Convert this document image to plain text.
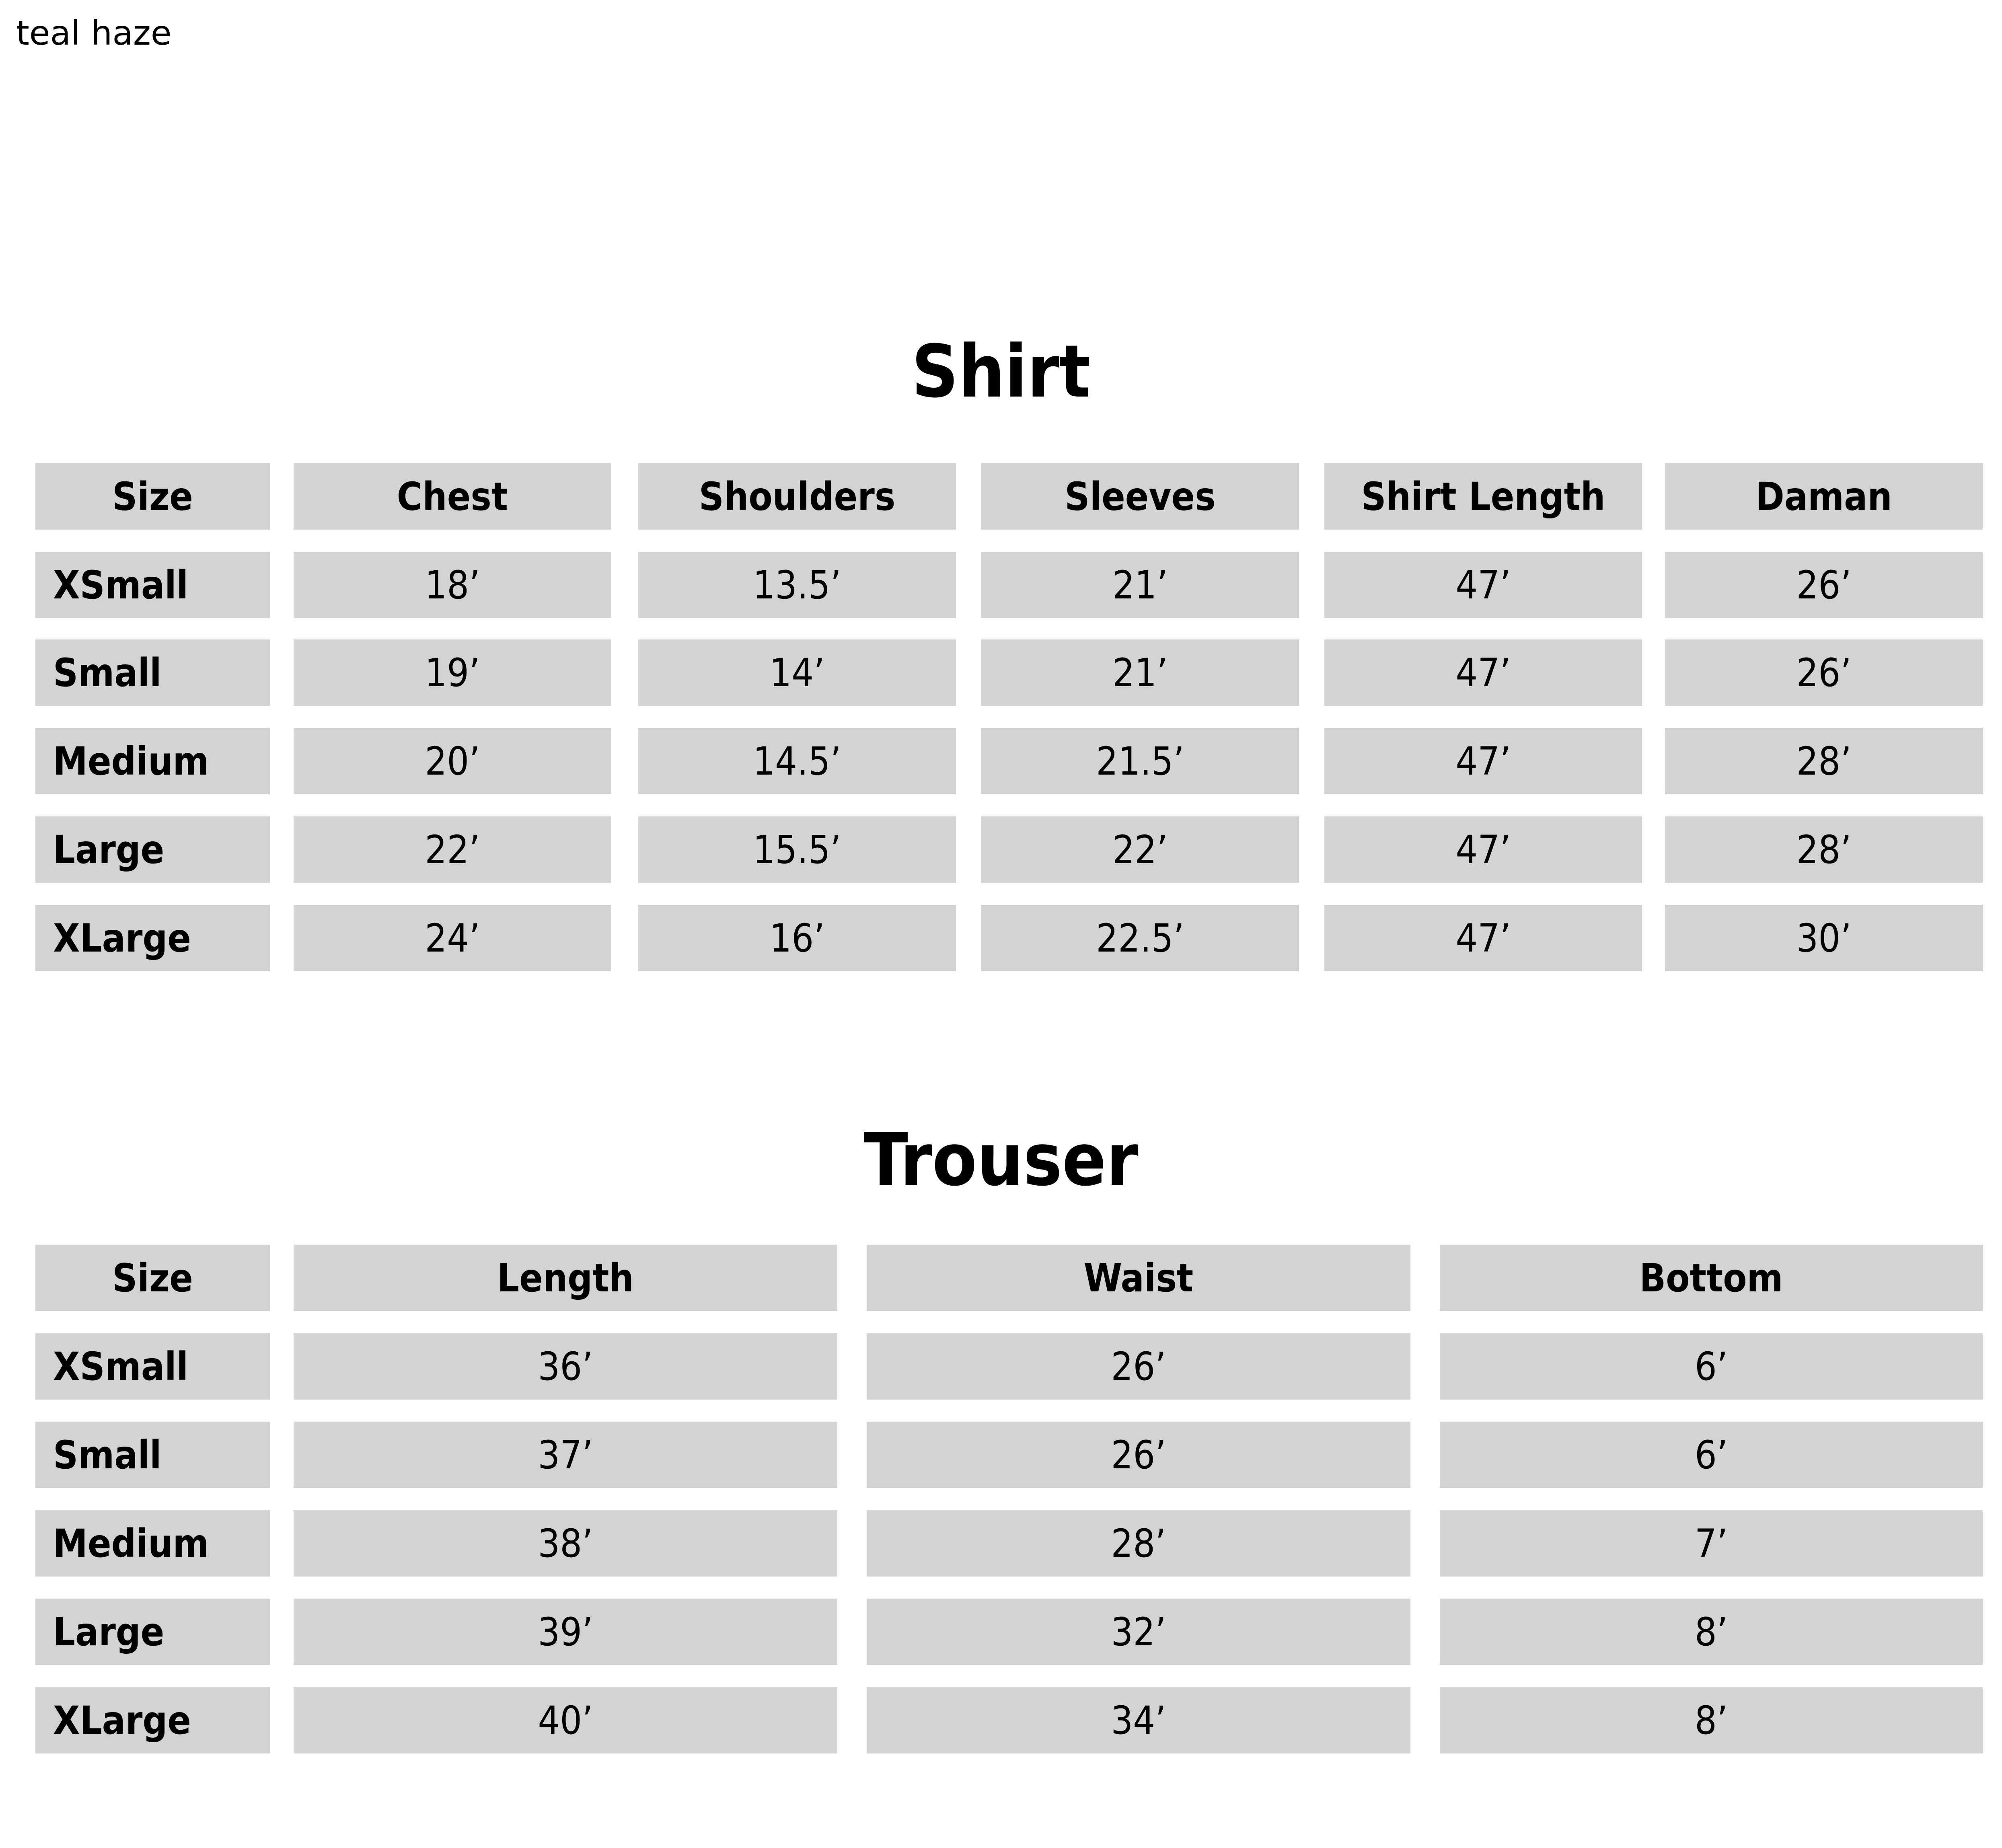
teal haze
Shirt
Size	Chest	Shoulders	Sleeves	Shirt Length	Daman
XSmall	18’	13.5’	21’	47’	26’
Small	19’	14’	21’	47’	26’
Medium	20’	14.5’	21.5’	47’	28’
Large	22’	15.5’	22’	47’	28’
XLarge	24’	16’	22.5’	47’	30’
Trouser
Size	Length	Waist	Bottom
XSmall	36’	26’	6’
Small	37’	26’	6’
Medium	38’	28’	7’
Large	39’	32’	8’
XLarge	40’	34’	8’
